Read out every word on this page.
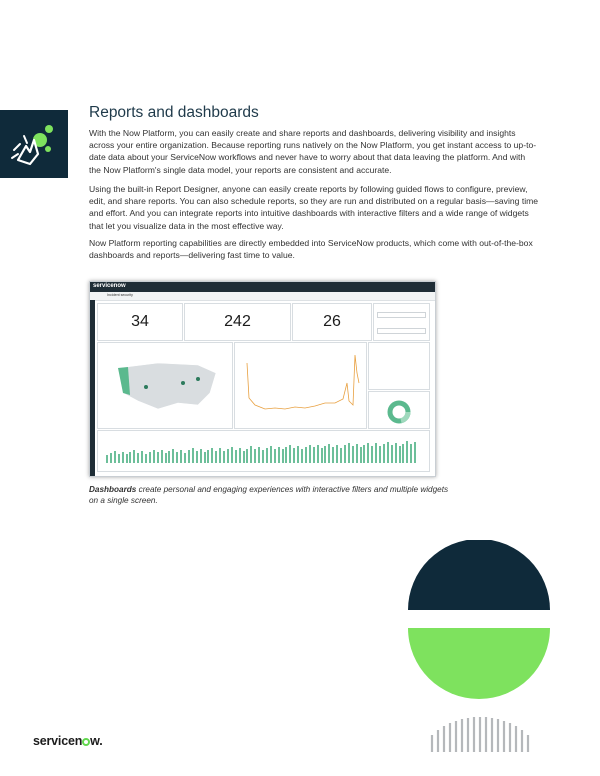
Reports and dashboards

With the Now Platform, you can easily create and share reports and dashboards, delivering visibility and insights across your entire organization. Because reporting runs natively on the Now Platform, you get instant access to up-to-date data about your ServiceNow workflows and never have to worry about that data leaving the platform. And with the Now Platform's single data model, your reports are consistent and accurate.

Using the built-in Report Designer, anyone can easily create reports by following guided flows to configure, preview, edit, and share reports. You can also schedule reports, so they are run and distributed on a regular basis—saving time and effort. And you can integrate reports into intuitive dashboards with interactive filters and a wide range of widgets that let you visualize data in the most effective way.

Now Platform reporting capabilities are directly embedded into ServiceNow products, which come with out-of-the-box dashboards and reports—delivering fast time to value.

servicenow
Incident security
34	242	26

Dashboards create personal and engaging experiences with interactive filters and multiple widgets on a single screen.

servicen w.
